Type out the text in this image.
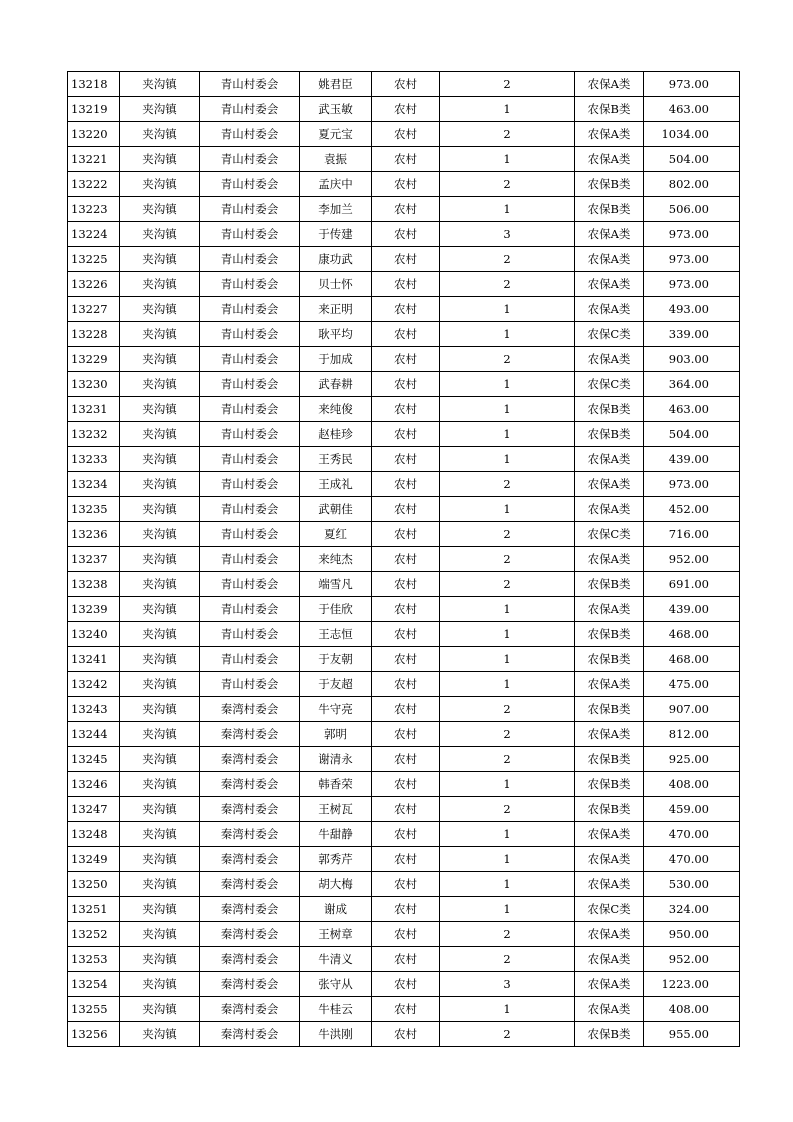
13218	夹沟镇	青山村委会	姚君臣	农村	2	农保A类	973.00
13219	夹沟镇	青山村委会	武玉敏	农村	1	农保B类	463.00
13220	夹沟镇	青山村委会	夏元宝	农村	2	农保A类	1034.00
13221	夹沟镇	青山村委会	袁振	农村	1	农保A类	504.00
13222	夹沟镇	青山村委会	孟庆中	农村	2	农保B类	802.00
13223	夹沟镇	青山村委会	李加兰	农村	1	农保B类	506.00
13224	夹沟镇	青山村委会	于传建	农村	3	农保A类	973.00
13225	夹沟镇	青山村委会	康功武	农村	2	农保A类	973.00
13226	夹沟镇	青山村委会	贝士怀	农村	2	农保A类	973.00
13227	夹沟镇	青山村委会	来正明	农村	1	农保A类	493.00
13228	夹沟镇	青山村委会	耿平均	农村	1	农保C类	339.00
13229	夹沟镇	青山村委会	于加成	农村	2	农保A类	903.00
13230	夹沟镇	青山村委会	武春耕	农村	1	农保C类	364.00
13231	夹沟镇	青山村委会	来纯俊	农村	1	农保B类	463.00
13232	夹沟镇	青山村委会	赵桂珍	农村	1	农保B类	504.00
13233	夹沟镇	青山村委会	王秀民	农村	1	农保A类	439.00
13234	夹沟镇	青山村委会	王成礼	农村	2	农保A类	973.00
13235	夹沟镇	青山村委会	武朝佳	农村	1	农保A类	452.00
13236	夹沟镇	青山村委会	夏红	农村	2	农保C类	716.00
13237	夹沟镇	青山村委会	来纯杰	农村	2	农保A类	952.00
13238	夹沟镇	青山村委会	端雪凡	农村	2	农保B类	691.00
13239	夹沟镇	青山村委会	于佳欣	农村	1	农保A类	439.00
13240	夹沟镇	青山村委会	王志恒	农村	1	农保B类	468.00
13241	夹沟镇	青山村委会	于友朝	农村	1	农保B类	468.00
13242	夹沟镇	青山村委会	于友超	农村	1	农保A类	475.00
13243	夹沟镇	秦湾村委会	牛守亮	农村	2	农保B类	907.00
13244	夹沟镇	秦湾村委会	郭明	农村	2	农保A类	812.00
13245	夹沟镇	秦湾村委会	谢清永	农村	2	农保B类	925.00
13246	夹沟镇	秦湾村委会	韩香荣	农村	1	农保B类	408.00
13247	夹沟镇	秦湾村委会	王树瓦	农村	2	农保B类	459.00
13248	夹沟镇	秦湾村委会	牛甜静	农村	1	农保A类	470.00
13249	夹沟镇	秦湾村委会	郭秀芹	农村	1	农保A类	470.00
13250	夹沟镇	秦湾村委会	胡大梅	农村	1	农保A类	530.00
13251	夹沟镇	秦湾村委会	谢成	农村	1	农保C类	324.00
13252	夹沟镇	秦湾村委会	王树章	农村	2	农保A类	950.00
13253	夹沟镇	秦湾村委会	牛清义	农村	2	农保A类	952.00
13254	夹沟镇	秦湾村委会	张守从	农村	3	农保A类	1223.00
13255	夹沟镇	秦湾村委会	牛桂云	农村	1	农保A类	408.00
13256	夹沟镇	秦湾村委会	牛洪刚	农村	2	农保B类	955.00
